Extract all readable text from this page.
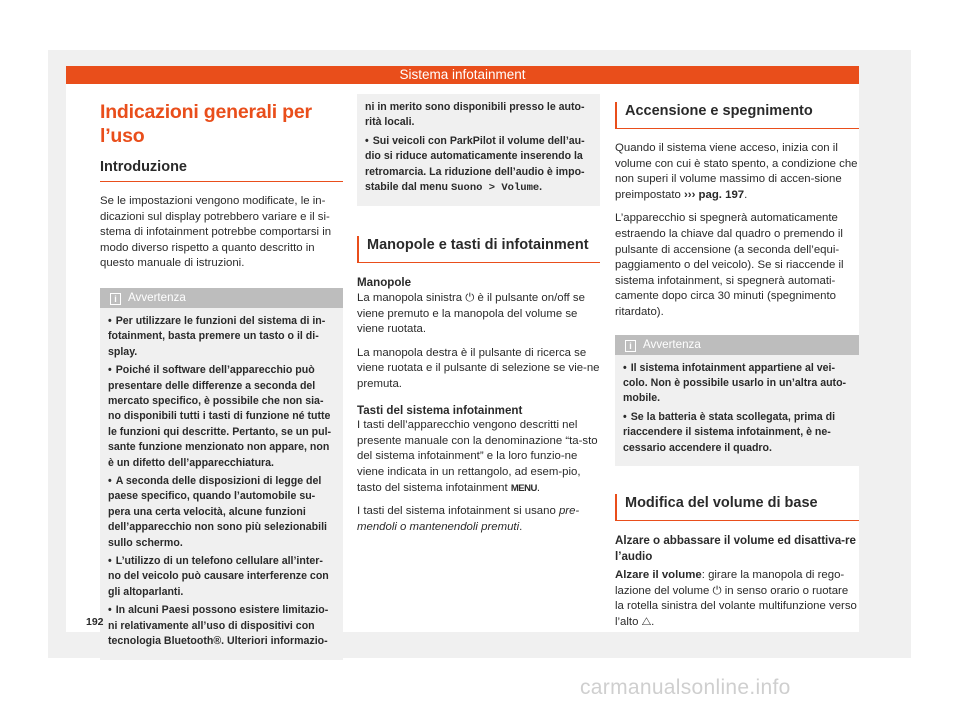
Sistema infotainment
Indicazioni generali per l’uso
Introduzione

Se le impostazioni vengono modificate, le in-dicazioni sul display potrebbero variare e il si-stema di infotainment potrebbe comportarsi in modo diverso rispetto a quanto descritto in questo manuale di istruzioni.

i Avvertenza
• Per utilizzare le funzioni del sistema di in-fotainment, basta premere un tasto o il di-splay.
• Poiché il software dell’apparecchio può presentare delle differenze a seconda del mercato specifico, è possibile che non sia-no disponibili tutti i tasti di funzione né tutte le funzioni qui descritte. Pertanto, se un pul-sante funzione menzionato non appare, non è un difetto dell’apparecchiatura.
• A seconda delle disposizioni di legge del paese specifico, quando l’automobile su-pera una certa velocità, alcune funzioni dell’apparecchio non sono più selezionabili sullo schermo.
• L’utilizzo di un telefono cellulare all’inter-no del veicolo può causare interferenze con gli altoparlanti.
• In alcuni Paesi possono esistere limitazio-ni relativamente all’uso di dispositivi con tecnologia Bluetooth®. Ulteriori informazio-
ni in merito sono disponibili presso le auto-rità locali.
• Sui veicoli con ParkPilot il volume dell’au-dio si riduce automaticamente inserendo la retromarcia. La riduzione dell’audio è impo-stabile dal menu Suono > Volume.
Manopole e tasti di infotainment
Manopole

La manopola sinistra ⏻ è il pulsante on/off se viene premuto e la manopola del volume se viene ruotata.

La manopola destra è il pulsante di ricerca se viene ruotata e il pulsante di selezione se vie-ne premuta.

Tasti del sistema infotainment

I tasti dell’apparecchio vengono descritti nel presente manuale con la denominazione “ta-sto del sistema infotainment” e la loro funzio-ne viene indicata in un rettangolo, ad esem-pio, tasto del sistema infotainment MENU.

I tasti del sistema infotainment si usano pre-mendoli o mantenendoli premuti.

Accensione e spegnimento

Quando il sistema viene acceso, inizia con il volume con cui è stato spento, a condizione che non superi il volume massimo di accen-sione preimpostato ››› pag. 197.

L’apparecchio si spegnerà automaticamente estraendo la chiave dal quadro o premendo il pulsante di accensione (a seconda dell’equi-paggiamento o del veicolo). Se si riaccende il sistema infotainment, si spegnerà automati-camente dopo circa 30 minuti (spegnimento ritardato).

i Avvertenza
• Il sistema infotainment appartiene al vei-colo. Non è possibile usarlo in un’altra auto-mobile.
• Se la batteria è stata scollegata, prima di riaccendere il sistema infotainment, è ne-cessario accendere il quadro.
Modifica del volume di base
Alzare o abbassare il volume ed disattiva-re l’audio

Alzare il volume: girare la manopola di rego-lazione del volume ⏻ in senso orario o ruotare la rotella sinistra del volante multifunzione verso l’alto △.

192
carmanualsonline.info
